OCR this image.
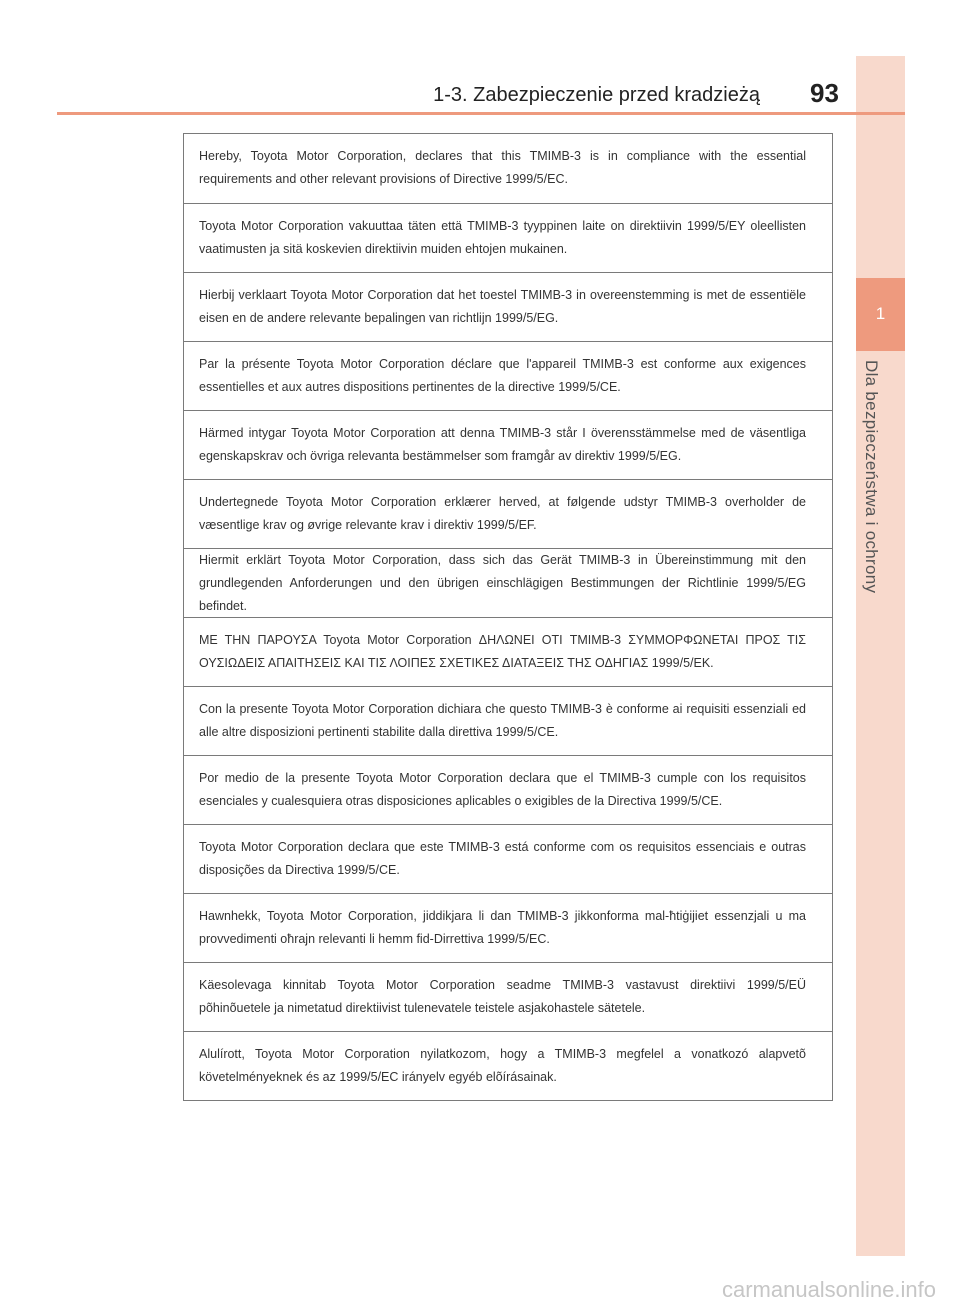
1
Dla bezpieczeństwa i ochrony
1-3. Zabezpieczenie przed kradzieżą 93
Hereby, Toyota Motor Corporation, declares that this TMIMB-3 is in compliance with the essential requirements and other relevant provisions of Directive 1999/5/EC.
Toyota Motor Corporation vakuuttaa täten että TMIMB-3 tyyppinen laite on direktiivin 1999/5/EY oleellisten vaatimusten ja sitä koskevien direktiivin muiden ehtojen mukainen.
Hierbij verklaart Toyota Motor Corporation dat het toestel TMIMB-3 in overeenstemming is met de essentiële eisen en de andere relevante bepalingen van richtlijn 1999/5/EG.
Par la présente Toyota Motor Corporation déclare que l'appareil TMIMB-3 est conforme aux exigences essentielles et aux autres dispositions pertinentes de la directive 1999/5/CE.
Härmed intygar Toyota Motor Corporation att denna TMIMB-3 står I överensstämmelse med de väsentliga egenskapskrav och övriga relevanta bestämmelser som framgår av direktiv 1999/5/EG.
Undertegnede Toyota Motor Corporation erklærer herved, at følgende udstyr TMIMB-3 overholder de væsentlige krav og øvrige relevante krav i direktiv 1999/5/EF.
Hiermit erklärt Toyota Motor Corporation, dass sich das Gerät TMIMB-3 in Übereinstimmung mit den grundlegenden Anforderungen und den übrigen einschlägigen Bestimmungen der Richtlinie 1999/5/EG befindet.
ΜΕ ΤΗΝ ΠΑΡΟΥΣΑ Toyota Motor Corporation ΔΗΛΩΝΕΙ ΟΤΙ TMIMB-3 ΣΥΜΜΟΡΦΩΝΕΤΑΙ ΠΡΟΣ ΤΙΣ ΟΥΣΙΩΔΕΙΣ ΑΠΑΙΤΗΣΕΙΣ ΚΑΙ ΤΙΣ ΛΟΙΠΕΣ ΣΧΕΤΙΚΕΣ ΔΙΑΤΑΞΕΙΣ ΤΗΣ ΟΔΗΓΙΑΣ 1999/5/ΕΚ.
Con la presente Toyota Motor Corporation dichiara che questo TMIMB-3 è conforme ai requisiti essenziali ed alle altre disposizioni pertinenti stabilite dalla direttiva 1999/5/CE.
Por medio de la presente Toyota Motor Corporation declara que el TMIMB-3 cumple con los requisitos esenciales y cualesquiera otras disposiciones aplicables o exigibles de la Directiva 1999/5/CE.
Toyota Motor Corporation declara que este TMIMB-3 está conforme com os requisitos essenciais e outras disposições da Directiva 1999/5/CE.
Hawnhekk, Toyota Motor Corporation, jiddikjara li dan TMIMB-3 jikkonforma mal-ħtiġijiet essenzjali u ma provvedimenti oħrajn relevanti li hemm fid-Dirrettiva 1999/5/EC.
Käesolevaga kinnitab Toyota Motor Corporation seadme TMIMB-3 vastavust direktiivi 1999/5/EÜ põhinõuetele ja nimetatud direktiivist tulenevatele teistele asjakohastele sätetele.
Alulírott, Toyota Motor Corporation nyilatkozom, hogy a TMIMB-3 megfelel a vonatkozó alapvetõ követelményeknek és az 1999/5/EC irányelv egyéb elõírásainak.
carmanualsonline.info
